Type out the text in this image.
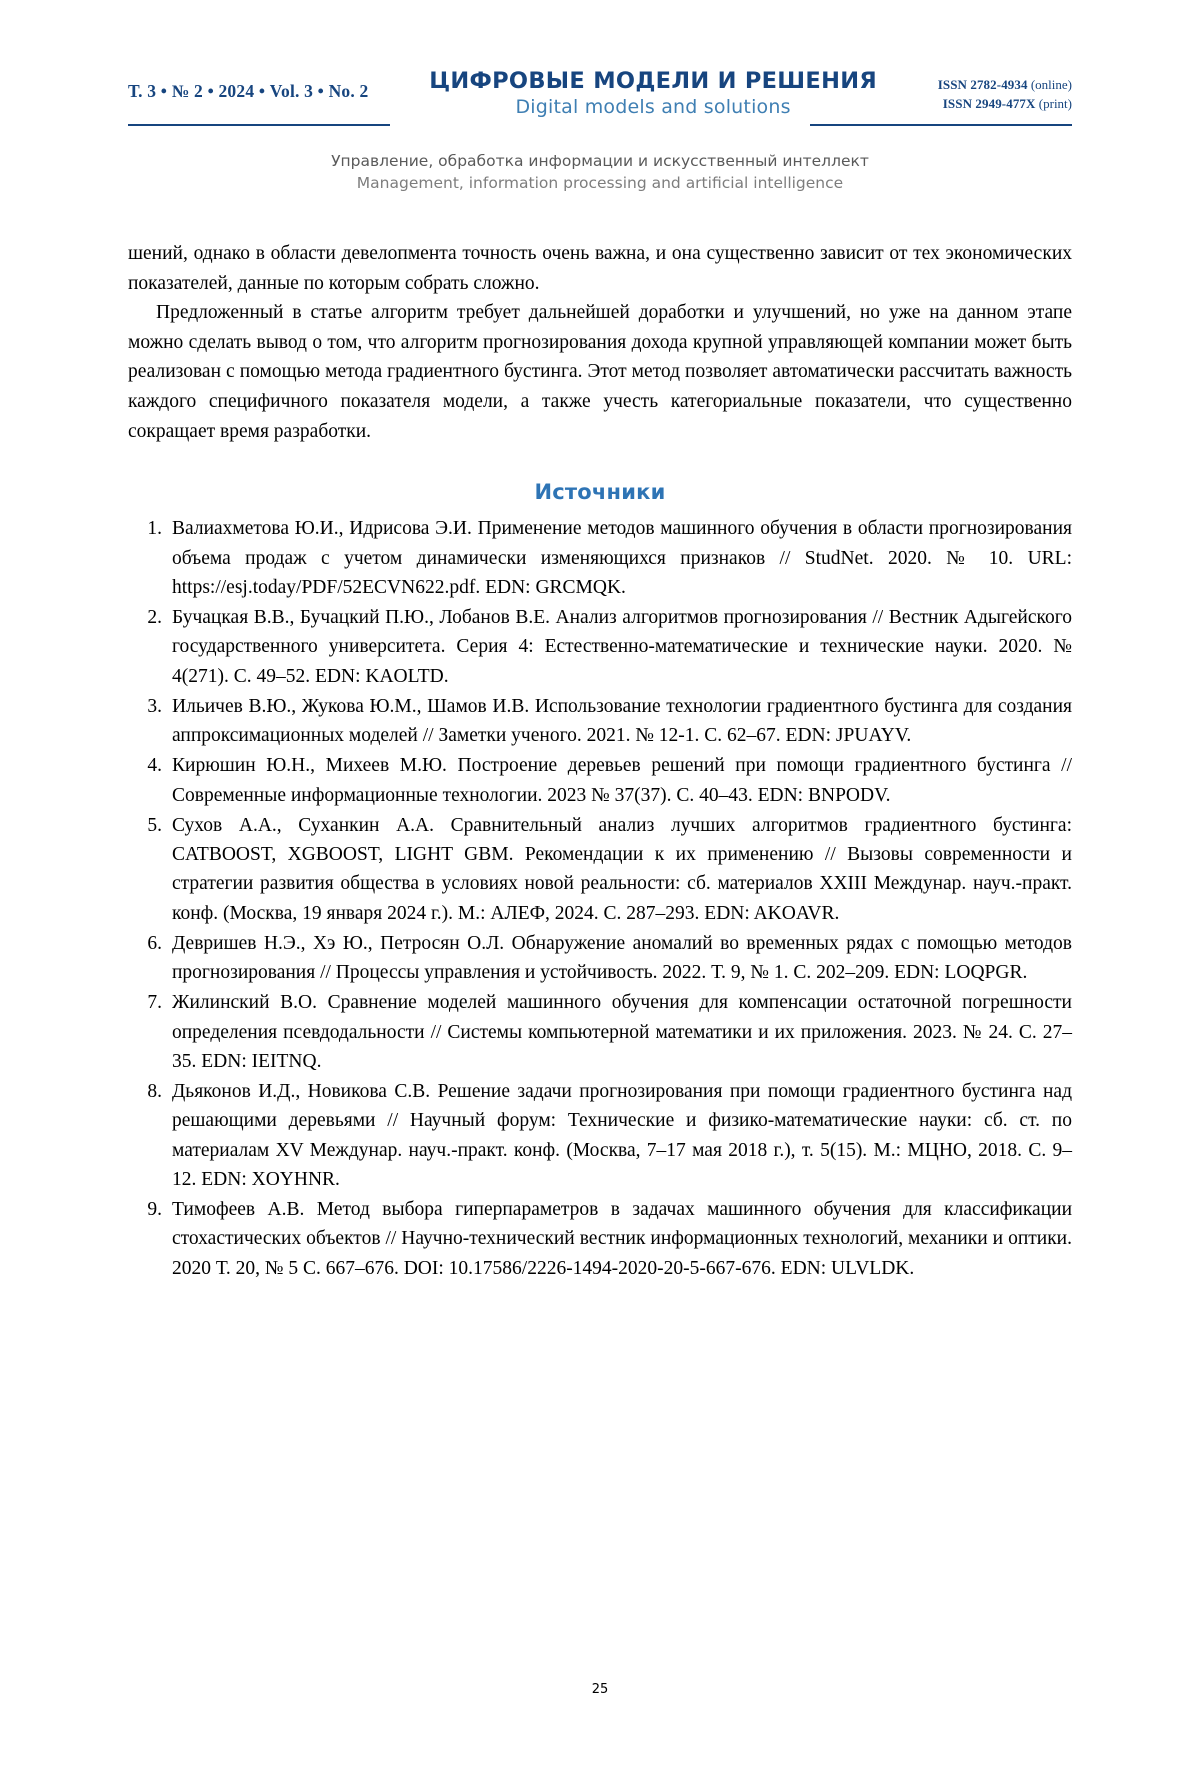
Т. 3 • № 2 • 2024 • Vol. 3 • No. 2	ЦИФРОВЫЕ МОДЕЛИ И РЕШЕНИЯ
Digital models and solutions
ISSN 2782-4934 (online)
ISSN 2949-477X (print)
Управление, обработка информации и искусственный интеллект
Management, information processing and artificial intelligence

шений, однако в области девелопмента точность очень важна, и она существенно зависит от тех экономических показателей, данные по которым собрать сложно.

Предложенный в статье алгоритм требует дальнейшей доработки и улучшений, но уже на данном этапе можно сделать вывод о том, что алгоритм прогнозирования дохода крупной управляющей компании может быть реализован с помощью метода градиентного бустинга. Этот метод позволяет автоматически рассчитать важность каждого специфичного показателя модели, а также учесть категориальные показатели, что существенно сокращает время разработки.

Источники
1. Валиахметова Ю.И., Идрисова Э.И. Применение методов машинного обучения в области прогнозирования объема продаж с учетом динамически изменяющихся признаков // StudNet. 2020. № 10. URL: https://esj.today/PDF/52ECVN622.pdf. EDN: GRCMQK.
2. Бучацкая В.В., Бучацкий П.Ю., Лобанов В.Е. Анализ алгоритмов прогнозирования // Вестник Адыгейского государственного университета. Серия 4: Естественно-математические и технические науки. 2020. № 4(271). С. 49–52. EDN: KAOLTD.
3. Ильичев В.Ю., Жукова Ю.М., Шамов И.В. Использование технологии градиентного бустинга для создания аппроксимационных моделей // Заметки ученого. 2021. № 12-1. С. 62–67. EDN: JPUAYV.
4. Кирюшин Ю.Н., Михеев М.Ю. Построение деревьев решений при помощи градиентного бустинга // Современные информационные технологии. 2023 № 37(37). С. 40–43. EDN: BNPODV.
5. Сухов А.А., Суханкин А.А. Сравнительный анализ лучших алгоритмов градиентного бустинга: CATBOOST, XGBOOST, LIGHT GBM. Рекомендации к их применению // Вызовы современности и стратегии развития общества в условиях новой реальности: сб. материалов XXIII Междунар. науч.-практ. конф. (Москва, 19 января 2024 г.). М.: АЛЕФ, 2024. С. 287–293. EDN: AKOAVR.
6. Девришев Н.Э., Хэ Ю., Петросян О.Л. Обнаружение аномалий во временных рядах с помощью методов прогнозирования // Процессы управления и устойчивость. 2022. Т. 9, № 1. С. 202–209. EDN: LOQPGR.
7. Жилинский В.О. Сравнение моделей машинного обучения для компенсации остаточной погрешности определения псевдодальности // Системы компьютерной математики и их приложения. 2023. № 24. С. 27–35. EDN: IEITNQ.
8. Дьяконов И.Д., Новикова С.В. Решение задачи прогнозирования при помощи градиентного бустинга над решающими деревьями // Научный форум: Технические и физико-математические науки: сб. ст. по материалам XV Междунар. науч.-практ. конф. (Москва, 7–17 мая 2018 г.), т. 5(15). М.: МЦНО, 2018. С. 9–12. EDN: XOYHNR.
9. Тимофеев А.В. Метод выбора гиперпараметров в задачах машинного обучения для классификации стохастических объектов // Научно-технический вестник информационных технологий, механики и оптики. 2020 Т. 20, № 5 С. 667–676. DOI: 10.17586/2226-1494-2020-20-5-667-676. EDN: ULVLDK.
25
